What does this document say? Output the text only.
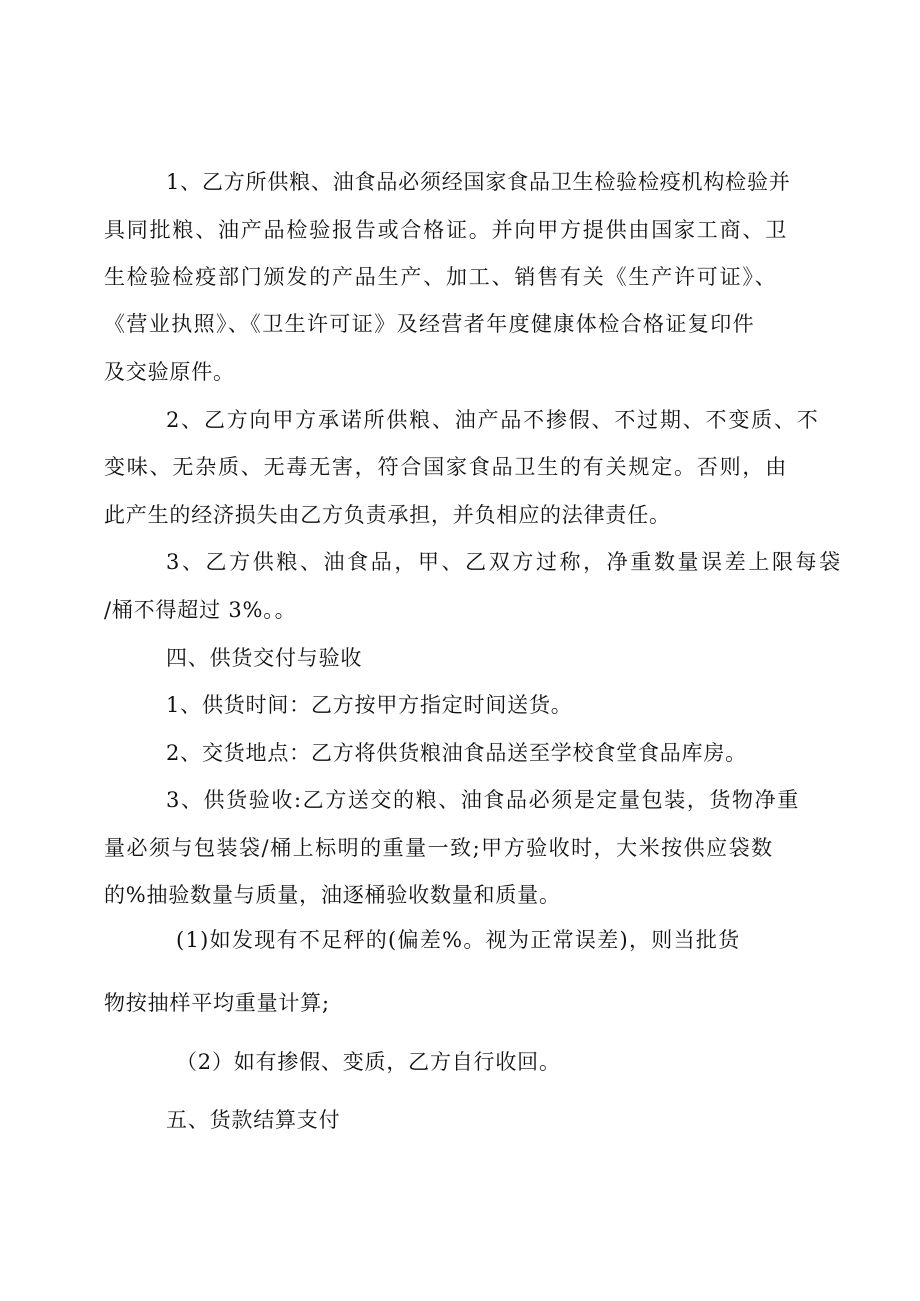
1、乙方所供粮、油食品必须经国家食品卫生检验检疫机构检验并
具同批粮、油产品检验报告或合格证。并向甲方提供由国家工商、卫
生检验检疫部门颁发的产品生产、加工、销售有关《生产许可证》、
《营业执照》、《卫生许可证》及经营者年度健康体检合格证复印件
及交验原件。
2、乙方向甲方承诺所供粮、油产品不掺假、不过期、不变质、不
变味、无杂质、无毒无害，符合国家食品卫生的有关规定。否则，由
此产生的经济损失由乙方负责承担，并负相应的法律责任。
3、乙方供粮、油食品，甲、乙双方过称，净重数量误差上限每袋
/桶不得超过 3%。。
四、供货交付与验收
1、供货时间：乙方按甲方指定时间送货。
2、交货地点：乙方将供货粮油食品送至学校食堂食品库房。
3、供货验收:乙方送交的粮、油食品必须是定量包装，货物净重
量必须与包装袋/桶上标明的重量一致;甲方验收时，大米按供应袋数
的%抽验数量与质量，油逐桶验收数量和质量。
(1)如发现有不足秤的(偏差%。视为正常误差)，则当批货
物按抽样平均重量计算;
（2）如有掺假、变质，乙方自行收回。
五、货款结算支付
